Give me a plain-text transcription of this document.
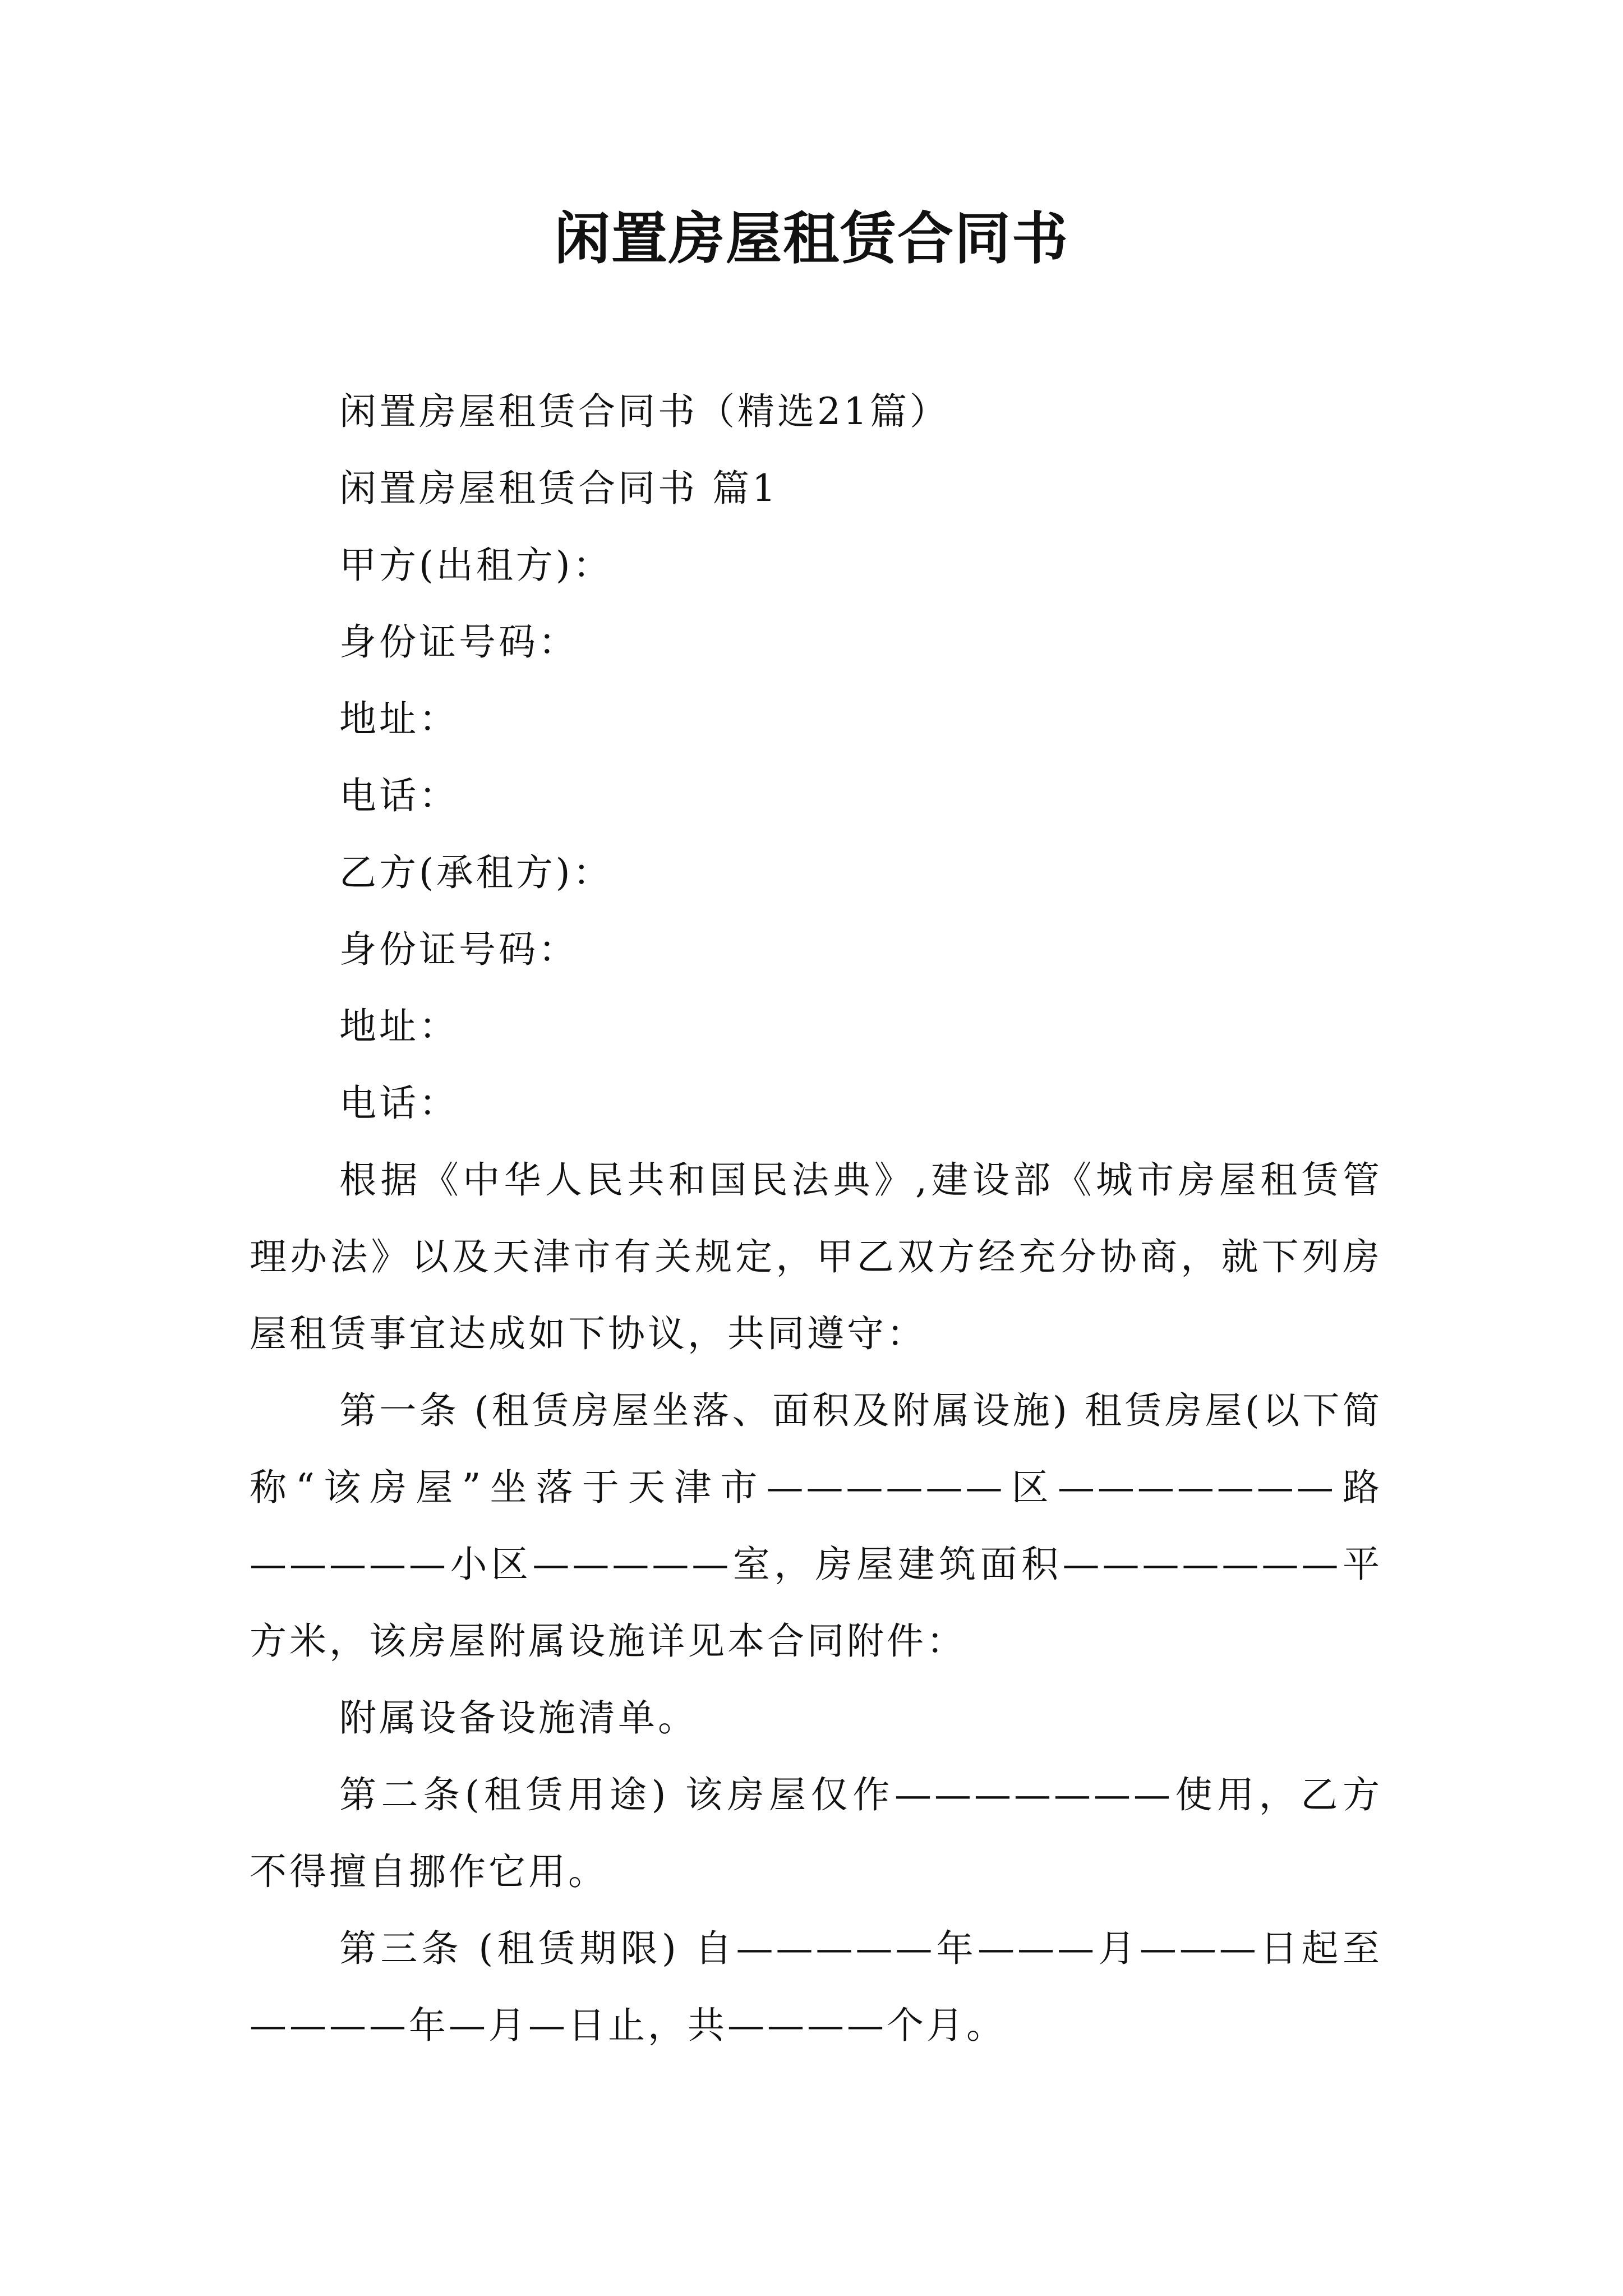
闲置房屋租赁合同书

闲置房屋租赁合同书（精选21篇）

闲置房屋租赁合同书 篇1

甲方(出租方)：

身份证号码：

地址：

电话：

乙方(承租方)：

身份证号码：

地址：

电话：

根据《中华人民共和国民法典》,建设部《城市房屋租赁管理办法》以及天津市有关规定，甲乙双方经充分协商，就下列房屋租赁事宜达成如下协议，共同遵守：

第一条 (租赁房屋坐落、面积及附属设施) 租赁房屋(以下简称“该房屋”坐落于天津市——————区———————路—————小区—————室，房屋建筑面积———————平方米，该房屋附属设施详见本合同附件：

附属设备设施清单。

第二条(租赁用途) 该房屋仅作———————使用，乙方不得擅自挪作它用。

第三条 (租赁期限) 自—————年———月———日起至————年—月—日止，共————个月。
